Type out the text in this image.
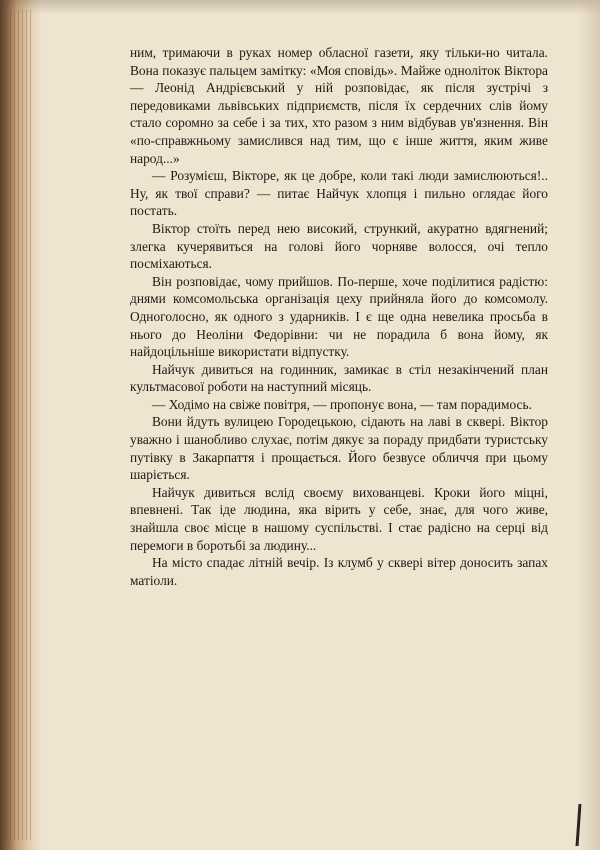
ним, тримаючи в руках номер обласної газети, яку тільки-но читала. Вона показує пальцем замітку: «Моя сповідь». Майже одноліток Віктора — Леонід Андрієвський у ній розповідає, як після зустрічі з передовиками львівських підприємств, після їх сердечних слів йому стало соромно за себе і за тих, хто разом з ним відбував ув'язнення. Він «по-справжньому замислився над тим, що є інше життя, яким живе народ...»

— Розумієш, Вікторе, як це добре, коли такі люди замислюються!.. Ну, як твої справи? — питає Найчук хлопця і пильно оглядає його постать.

Віктор стоїть перед нею високий, стрункий, акуратно вдягнений; злегка кучерявиться на голові його чорняве волосся, очі тепло посміхаються.

Він розповідає, чому прийшов. По-перше, хоче поділитися радістю: днями комсомольська організація цеху прийняла його до комсомолу. Одноголосно, як одного з ударників. І є ще одна невелика просьба в нього до Неоліни Федорівни: чи не порадила б вона йому, як найдоцільніше використати відпустку.

Найчук дивиться на годинник, замикає в стіл незакінчений план культмасової роботи на наступний місяць.

— Ходімо на свіже повітря, — пропонує вона, — там порадимось.

Вони йдуть вулицею Городецькою, сідають на лаві в сквері. Віктор уважно і шанобливо слухає, потім дякує за пораду придбати туристську путівку в Закарпаття і прощається. Його безвусе обличчя при цьому шаріється.

Найчук дивиться вслід своєму вихованцеві. Кроки його міцні, впевнені. Так іде людина, яка вірить у себе, знає, для чого живе, знайшла своє місце в нашому суспільстві. І стає радісно на серці від перемоги в боротьбі за людину...

На місто спадає літній вечір. Із клумб у сквері вітер доносить запах матіоли.
